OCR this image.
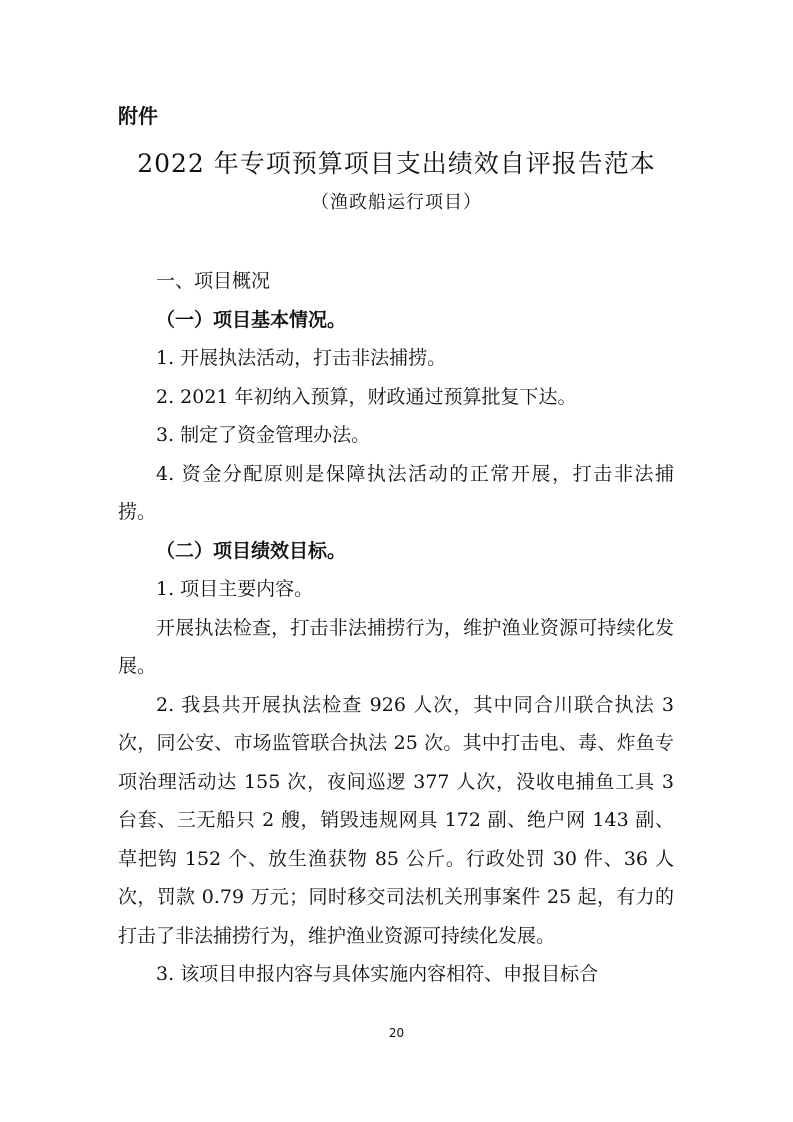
附件
2022 年专项预算项目支出绩效自评报告范本
（渔政船运行项目）

一、项目概况

（一）项目基本情况。

1. 开展执法活动，打击非法捕捞。

2. 2021 年初纳入预算，财政通过预算批复下达。

3. 制定了资金管理办法。

4. 资金分配原则是保障执法活动的正常开展，打击非法捕捞。

（二）项目绩效目标。

1. 项目主要内容。

开展执法检查，打击非法捕捞行为，维护渔业资源可持续化发展。

2. 我县共开展执法检查 926 人次，其中同合川联合执法 3 次，同公安、市场监管联合执法 25 次。其中打击电、毒、炸鱼专项治理活动达 155 次，夜间巡逻 377 人次，没收电捕鱼工具 3 台套、三无船只 2 艘，销毁违规网具 172 副、绝户网 143 副、草把钩 152 个、放生渔获物 85 公斤。行政处罚 30 件、36 人次，罚款 0.79 万元；同时移交司法机关刑事案件 25 起，有力的打击了非法捕捞行为，维护渔业资源可持续化发展。

3. 该项目申报内容与具体实施内容相符、申报目标合

20
